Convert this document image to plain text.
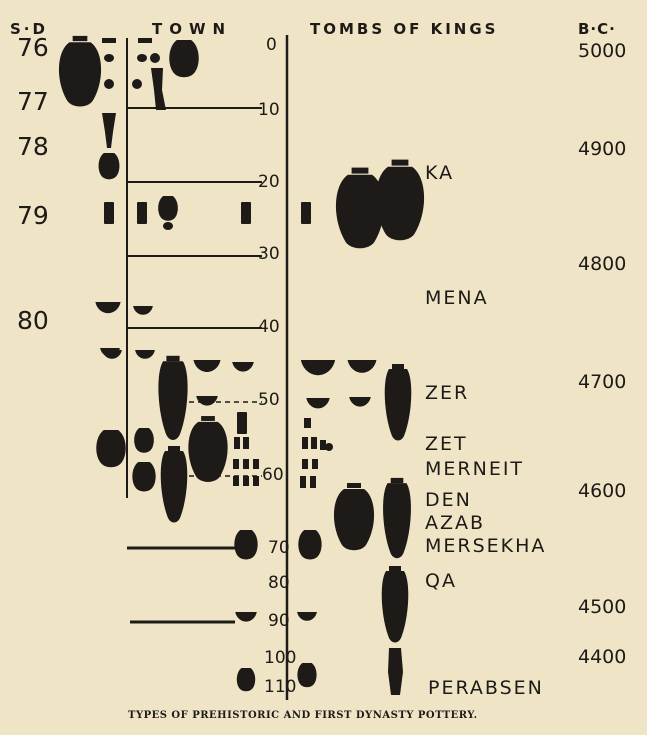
S·D	TOWN	TOMBS OF KINGS	B·C·
76
77
78
79
80
0
10
20
30
40
50
60
70
80
90
100
110
5000
4900
4800
4700
4600
4500
4400
KA
MENA
ZER
ZET
MERNEIT
DEN
AZAB
MERSEKHA
QA
PERABSEN
TYPES OF PREHISTORIC AND FIRST DYNASTY POTTERY.
